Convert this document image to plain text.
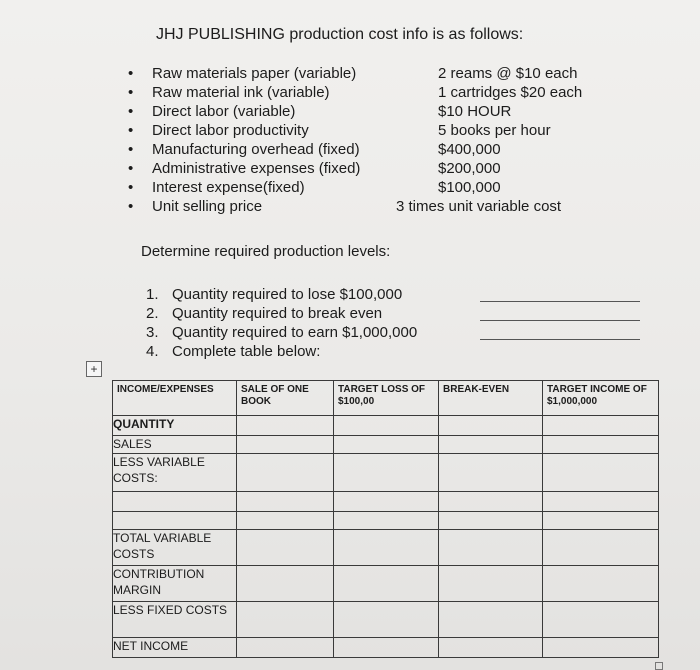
JHJ PUBLISHING production cost info is as follows:
• Raw materials paper (variable)	2 reams @ $10 each
• Raw material ink (variable)	1 cartridges $20 each
• Direct labor (variable)	$10 HOUR
• Direct labor productivity	5 books per hour
• Manufacturing overhead (fixed)	$400,000
• Administrative expenses (fixed)	$200,000
• Interest expense(fixed)	$100,000
• Unit selling price	3 times unit variable cost
Determine required production levels:
1. Quantity required to lose $100,000
2. Quantity required to break even
3. Quantity required to earn $1,000,000
4. Complete table below:
+
INCOME/EXPENSES	SALE OF ONE BOOK	TARGET LOSS OF $100,00	BREAK-EVEN	TARGET INCOME OF $1,000,000
QUANTITY				
SALES				
LESS VARIABLE COSTS:				

TOTAL VARIABLE COSTS				
CONTRIBUTION MARGIN				
LESS FIXED COSTS				
NET INCOME				
